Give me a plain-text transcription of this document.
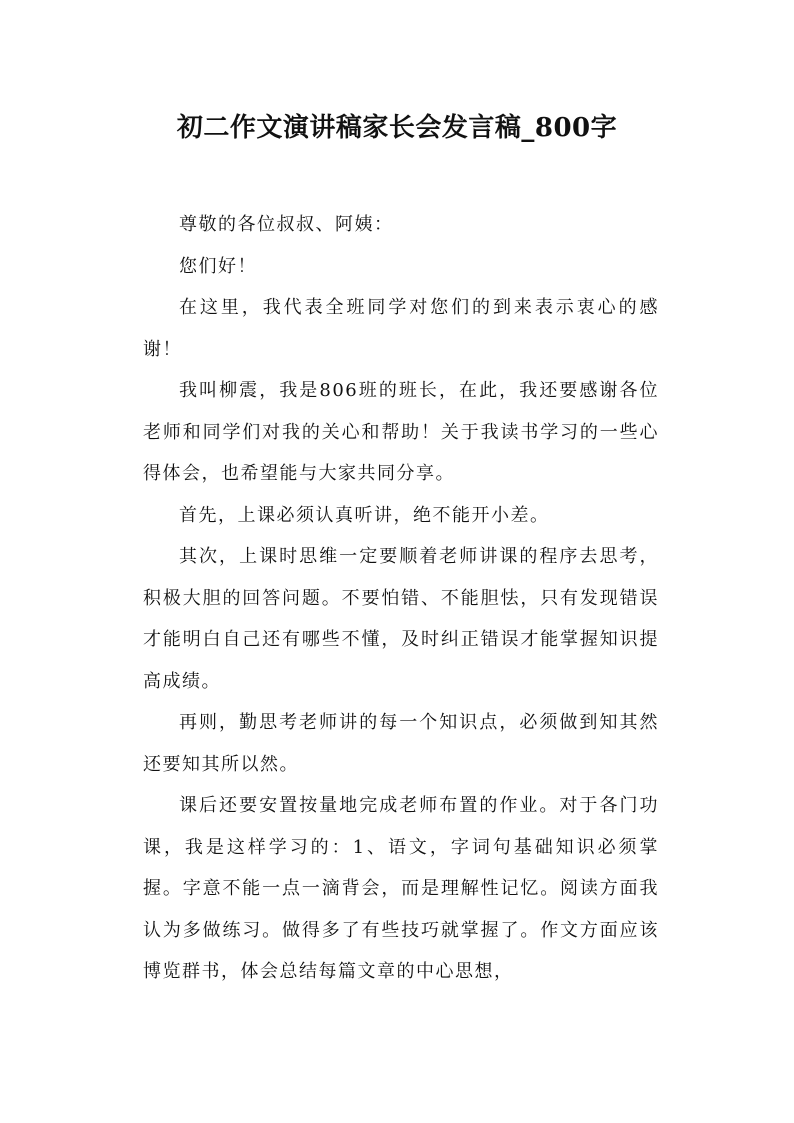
初二作文演讲稿家长会发言稿_800字

尊敬的各位叔叔、阿姨：

您们好！

在这里，我代表全班同学对您们的到来表示衷心的感谢！

我叫柳震，我是806班的班长，在此，我还要感谢各位老师和同学们对我的关心和帮助！关于我读书学习的一些心得体会，也希望能与大家共同分享。

首先，上课必须认真听讲，绝不能开小差。

其次，上课时思维一定要顺着老师讲课的程序去思考，积极大胆的回答问题。不要怕错、不能胆怯，只有发现错误才能明白自己还有哪些不懂，及时纠正错误才能掌握知识提高成绩。

再则，勤思考老师讲的每一个知识点，必须做到知其然还要知其所以然。

课后还要安置按量地完成老师布置的作业。对于各门功课，我是这样学习的：1、语文，字词句基础知识必须掌握。字意不能一点一滴背会，而是理解性记忆。阅读方面我认为多做练习。做得多了有些技巧就掌握了。作文方面应该博览群书，体会总结每篇文章的中心思想，
